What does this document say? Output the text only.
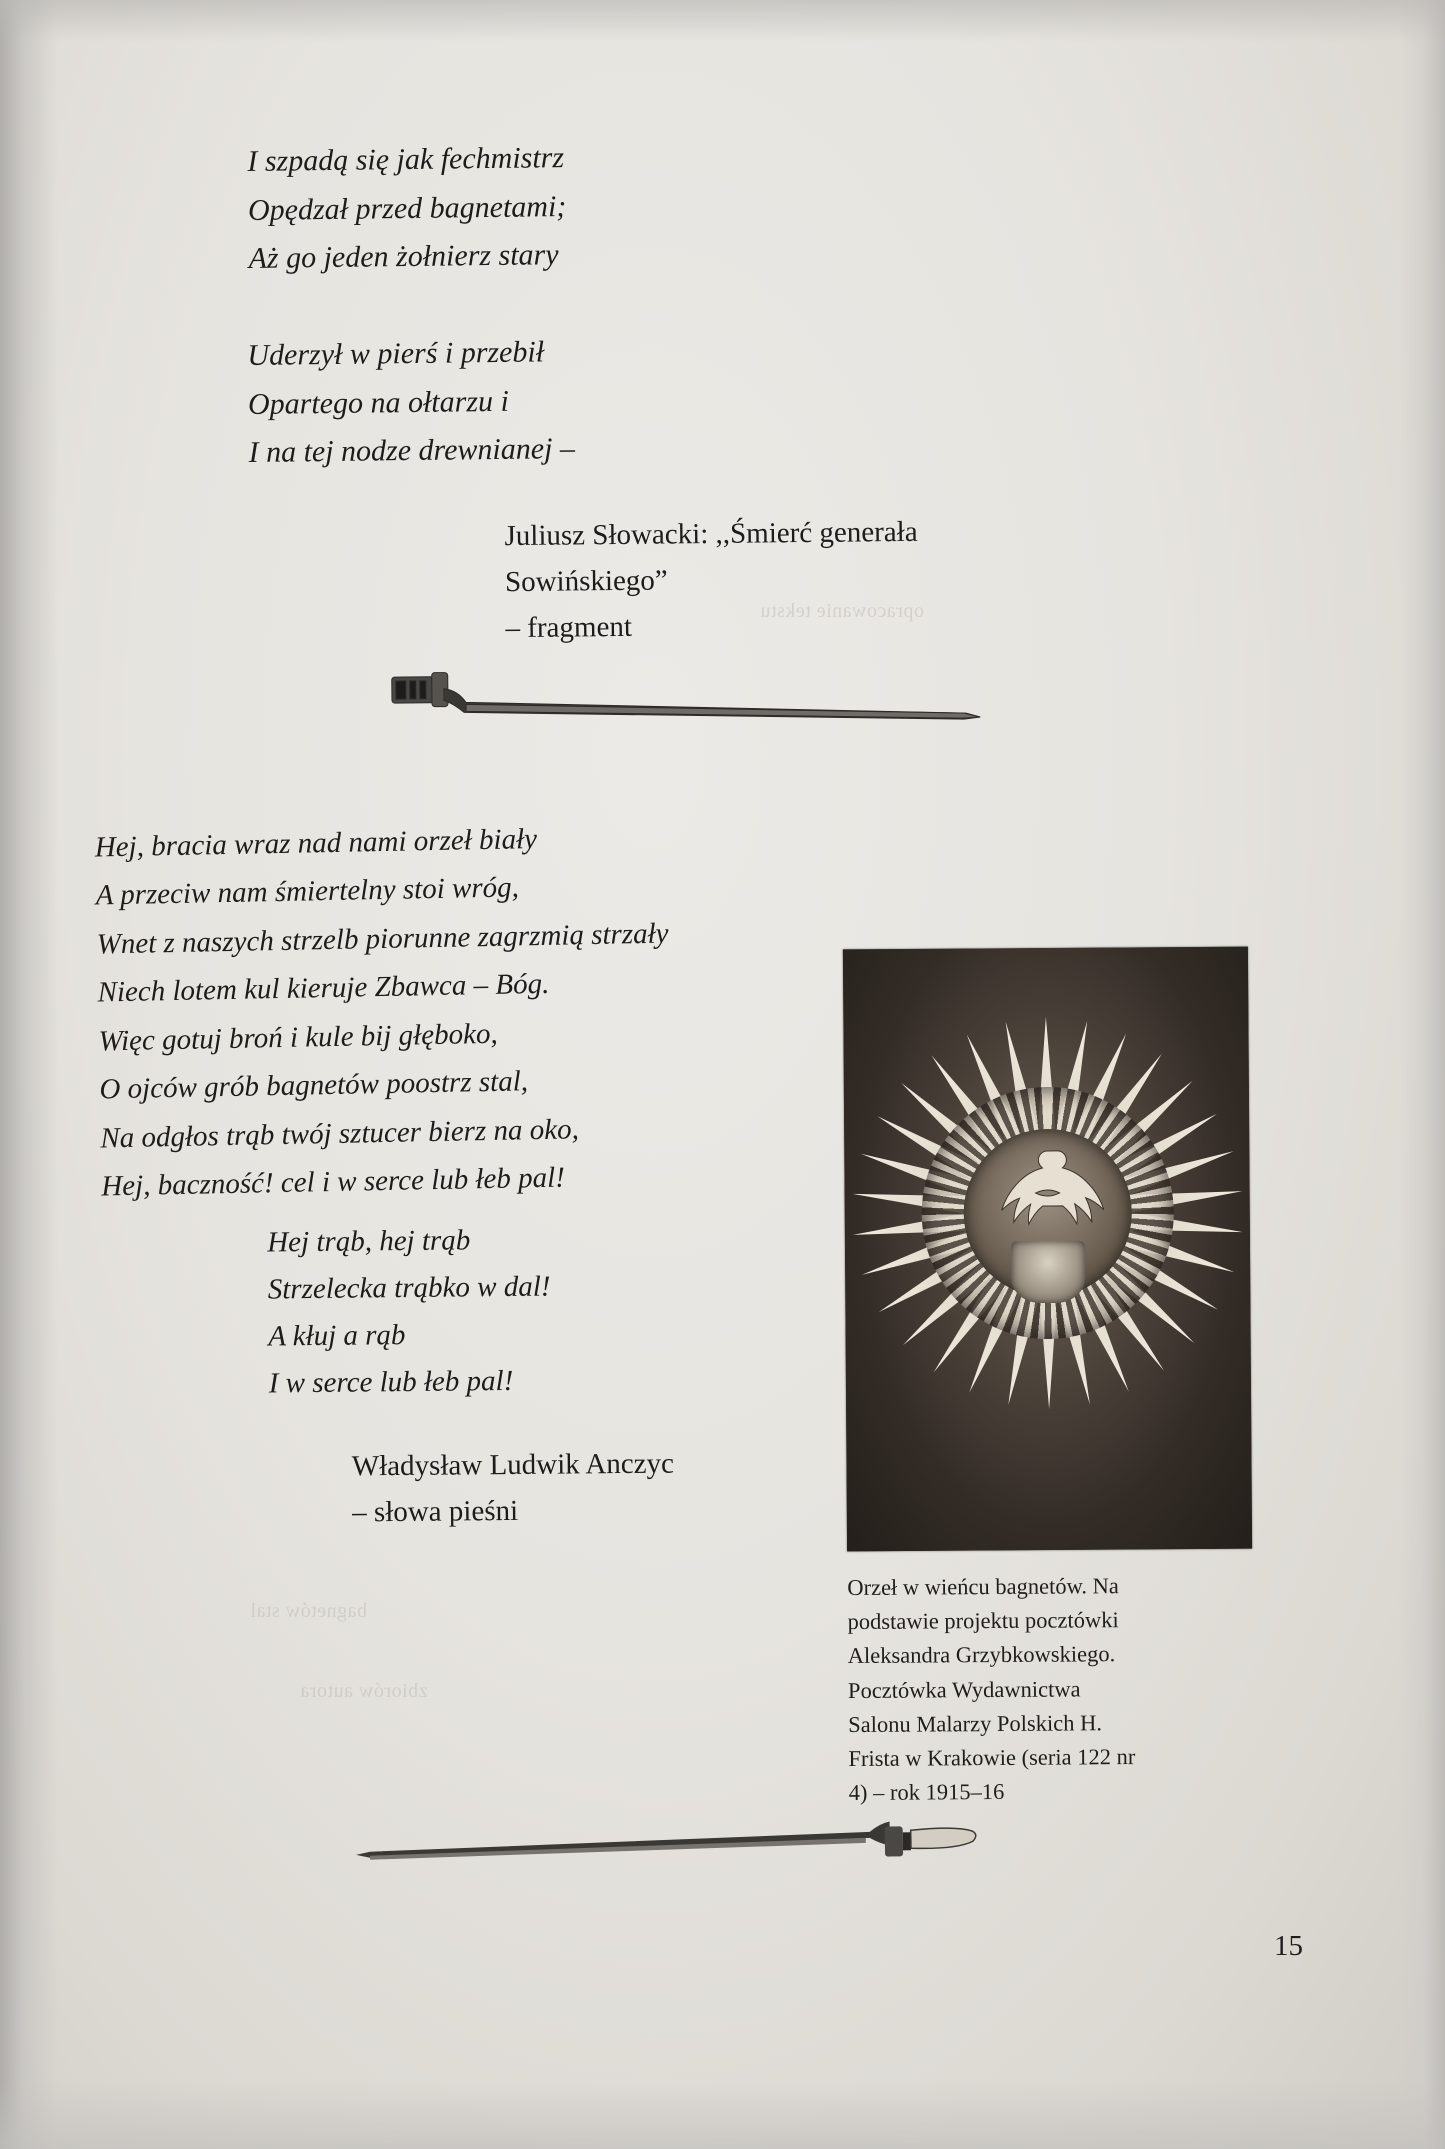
opracowanie tekstu
bagnetów stal
zbiorów autora
I szpadą się jak fechmistrz
Opędzał przed bagnetami;
Aż go jeden żołnierz stary
Uderzył w pierś i przebił
Opartego na ołtarzu i
I na tej nodze drewnianej –
Juliusz Słowacki: ,,Śmierć generała
Sowińskiego”
– fragment
Hej, bracia wraz nad nami orzeł biały
A przeciw nam śmiertelny stoi wróg,
Wnet z naszych strzelb piorunne zagrzmią strzały
Niech lotem kul kieruje Zbawca – Bóg.
Więc gotuj broń i kule bij głęboko,
O ojców grób bagnetów poostrz stal,
Na odgłos trąb twój sztucer bierz na oko,
Hej, baczność! cel i w serce lub łeb pal!
Hej trąb, hej trąb
Strzelecka trąbko w dal!
A kłuj a rąb
I w serce lub łeb pal!
Władysław Ludwik Anczyc
– słowa pieśni
Orzeł w wieńcu bagnetów. Na podstawie projektu pocztówki Aleksandra Grzybkowskiego. Pocztówka Wydawnictwa Salonu Malarzy Polskich H. Frista w Krakowie (seria 122 nr 4) – rok 1915–16
15
